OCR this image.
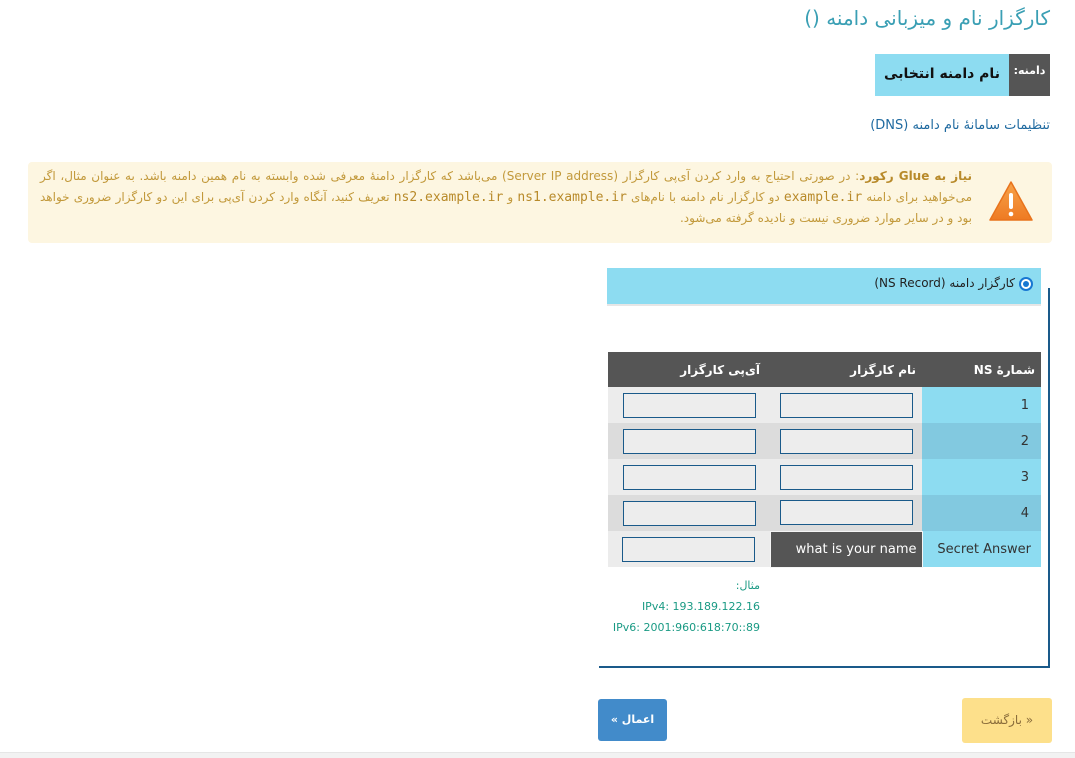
کارگزار نام و میزبانی دامنه ()
دامنه:
نام دامنه انتخابی
تنظیمات سامانهٔ نام دامنه (DNS)
نیاز به Glue رکورد: در صورتی احتیاج به وارد کردن آی‌پی کارگزار (Server IP address) می‌باشد که کارگزار دامنهٔ معرفی شده وابسته به نام همین دامنه باشد. به عنوان مثال، اگر می‌خواهید برای دامنه example.ir دو کارگزار نام دامنه با نام‌های ns1.example.ir و ns2.example.ir تعریف کنید، آنگاه وارد کردن آی‌پی برای این دو کارگزار ضروری خواهد بود و در سایر موارد ضروری نیست و نادیده گرفته می‌شود.
کارگزار دامنه (NS Record)
شمارهٔ NS	نام کارگزار	آی‌پی کارگزار
1		
2		
3		
4		
Secret Answer	what is your name	
مثال:
IPv4: 193.189.122.16
IPv6: 2001:960:618:70::89
اعمال »	« بازگشت
